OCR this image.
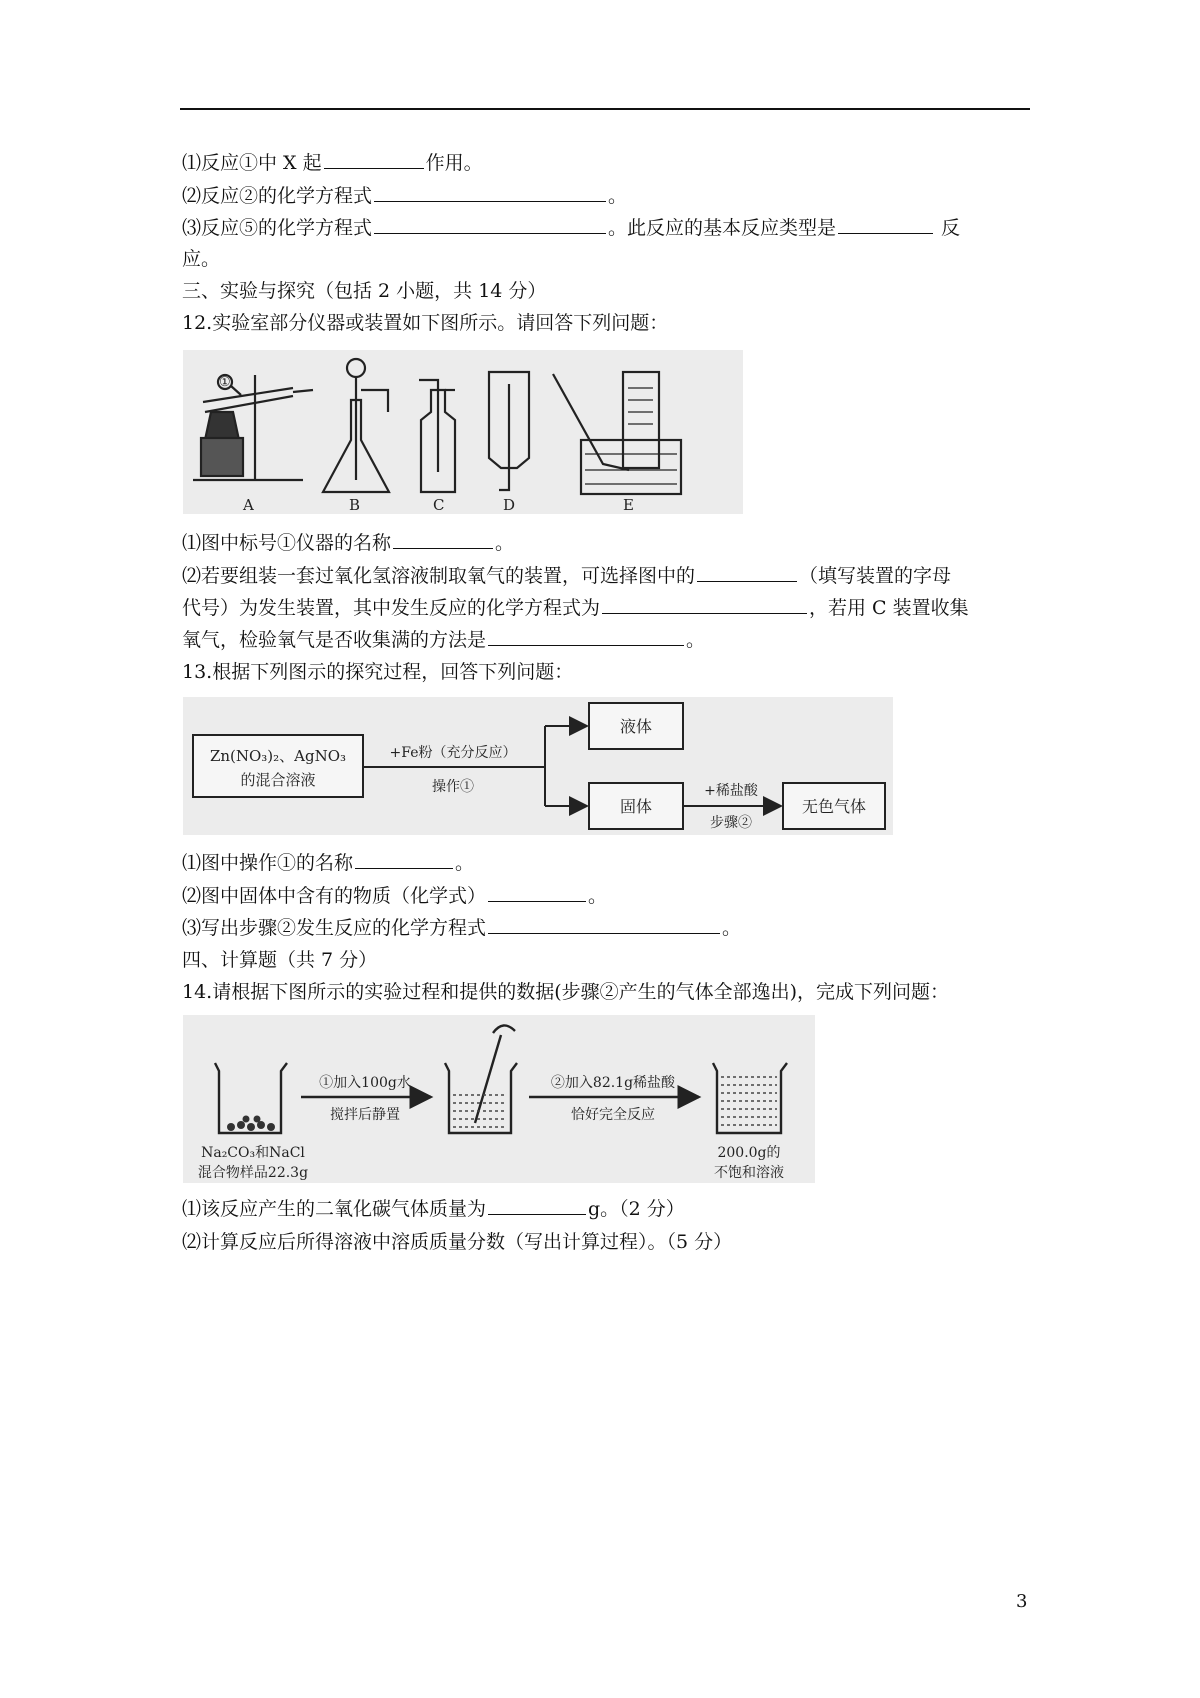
⑴反应①中 X 起	作用。
⑵反应②的化学方程式	。
⑶反应⑤的化学方程式	。此反应的基本反应类型是	反
应。
三、实验与探究（包括 2 小题，共 14 分）
12.实验室部分仪器或装置如下图所示。请回答下列问题：
①
A	B	C	D	E
⑴图中标号①仪器的名称	。
⑵若要组装一套过氧化氢溶液制取氧气的装置，可选择图中的	（填写装置的字母
代号）为发生装置，其中发生反应的化学方程式为	，若用 C 装置收集
氧气，检验氧气是否收集满的方法是	。
13.根据下列图示的探究过程，回答下列问题：
Zn(NO₃)₂、AgNO₃
的混合溶液
+Fe粉（充分反应）
操作①
液体
固体
+稀盐酸
步骤②
无色气体
⑴图中操作①的名称	。
⑵图中固体中含有的物质（化学式）	。
⑶写出步骤②发生反应的化学方程式	。
四、计算题（共 7 分）
14.请根据下图所示的实验过程和提供的数据(步骤②产生的气体全部逸出)，完成下列问题：
Na₂CO₃和NaCl
混合物样品22.3g
①加入100g水
搅拌后静置
②加入82.1g稀盐酸
恰好完全反应
200.0g的
不饱和溶液
⑴该反应产生的二氧化碳气体质量为	g。（2 分）
⑵计算反应后所得溶液中溶质质量分数（写出计算过程）。（5 分）
3
